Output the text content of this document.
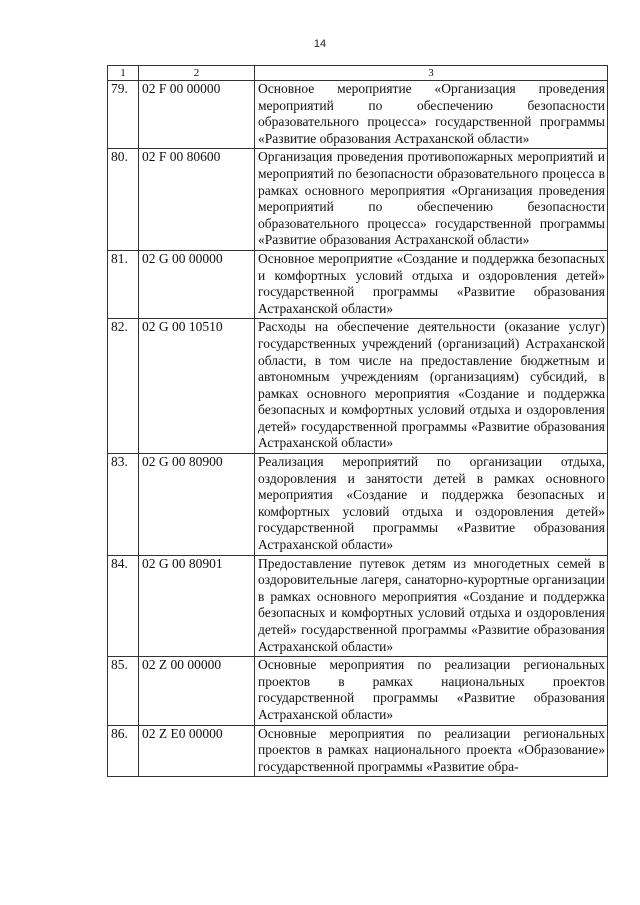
14
1	2	3
79.	02 F 00 00000	Основное мероприятие «Организация проведения мероприятий по обеспечению безопасности образовательного процесса» государственной программы «Развитие образования Астраханской области»
80.	02 F 00 80600	Организация проведения противопожарных мероприятий и мероприятий по безопасности образовательного процесса в рамках основного мероприятия «Организация проведения мероприятий по обеспечению безопасности образовательного процесса» государственной программы «Развитие образования Астраханской области»
81.	02 G 00 00000	Основное мероприятие «Создание и поддержка безопасных и комфортных условий отдыха и оздоровления детей» государственной программы «Развитие образования Астраханской области»
82.	02 G 00 10510	Расходы на обеспечение деятельности (оказание услуг) государственных учреждений (организаций) Астраханской области, в том числе на предоставление бюджетным и автономным учреждениям (организациям) субсидий, в рамках основного мероприятия «Создание и поддержка безопасных и комфортных условий отдыха и оздоровления детей» государственной программы «Развитие образования Астраханской области»
83.	02 G 00 80900	Реализация мероприятий по организации отдыха, оздоровления и занятости детей в рамках основного мероприятия «Создание и поддержка безопасных и комфортных условий отдыха и оздоровления детей» государственной программы «Развитие образования Астраханской области»
84.	02 G 00 80901	Предоставление путевок детям из многодетных семей в оздоровительные лагеря, санаторно-курортные организации в рамках основного мероприятия «Создание и поддержка безопасных и комфортных условий отдыха и оздоровления детей» государственной программы «Развитие образования Астраханской области»
85.	02 Z 00 00000	Основные мероприятия по реализации региональных проектов в рамках национальных проектов государственной программы «Развитие образования Астраханской области»
86.	02 Z E0 00000	Основные мероприятия по реализации региональных проектов в рамках национального проекта «Образование» государственной программы «Развитие обра-
